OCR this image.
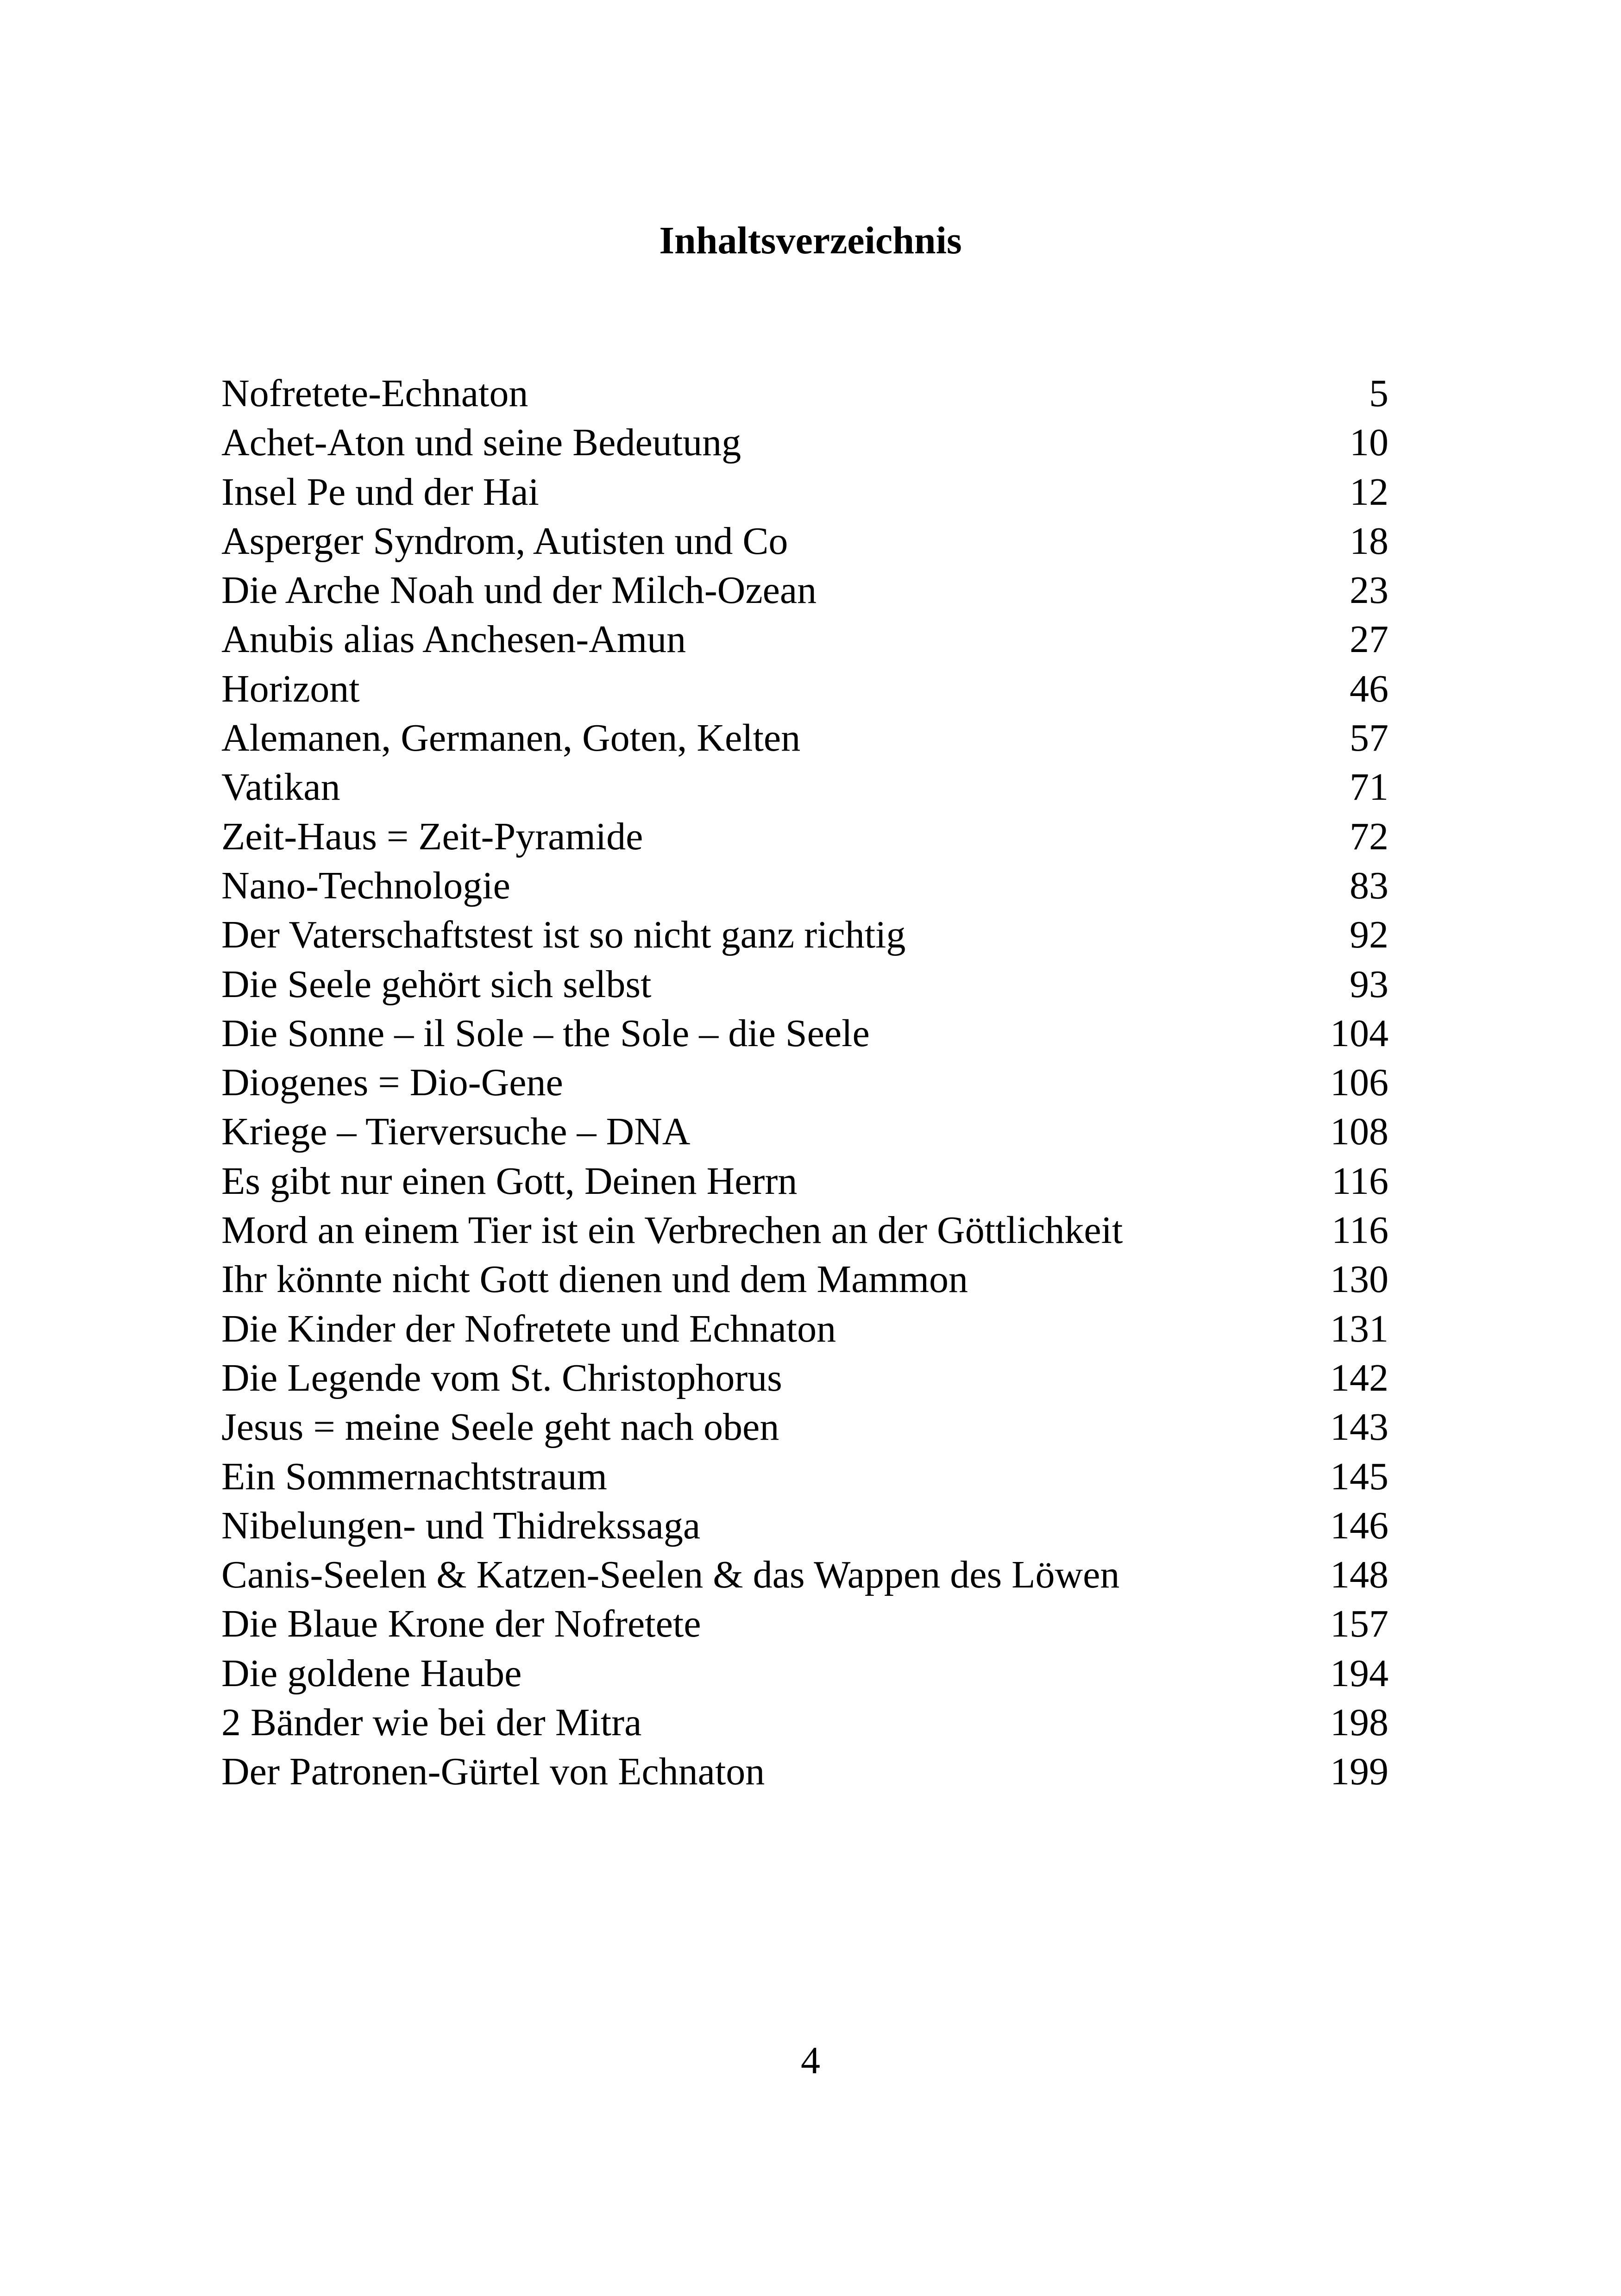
Inhaltsverzeichnis
Nofretete-Echnaton	5
Achet-Aton und seine Bedeutung	10
Insel Pe und der Hai	12
Asperger Syndrom, Autisten und Co	18
Die Arche Noah und der Milch-Ozean	23
Anubis alias Anchesen-Amun	27
Horizont	46
Alemanen, Germanen, Goten, Kelten	57
Vatikan	71
Zeit-Haus = Zeit-Pyramide	72
Nano-Technologie	83
Der Vaterschaftstest ist so nicht ganz richtig	92
Die Seele gehört sich selbst	93
Die Sonne – il Sole – the Sole – die Seele	104
Diogenes = Dio-Gene	106
Kriege – Tierversuche – DNA	108
Es gibt nur einen Gott, Deinen Herrn	116
Mord an einem Tier ist ein Verbrechen an der Göttlichkeit	116
Ihr könnte nicht Gott dienen und dem Mammon	130
Die Kinder der Nofretete und Echnaton	131
Die Legende vom St. Christophorus	142
Jesus = meine Seele geht nach oben	143
Ein Sommernachtstraum	145
Nibelungen- und Thidrekssaga	146
Canis-Seelen & Katzen-Seelen & das Wappen des Löwen	148
Die Blaue Krone der Nofretete	157
Die goldene Haube	194
2 Bänder wie bei der Mitra	198
Der Patronen-Gürtel von Echnaton	199
4
